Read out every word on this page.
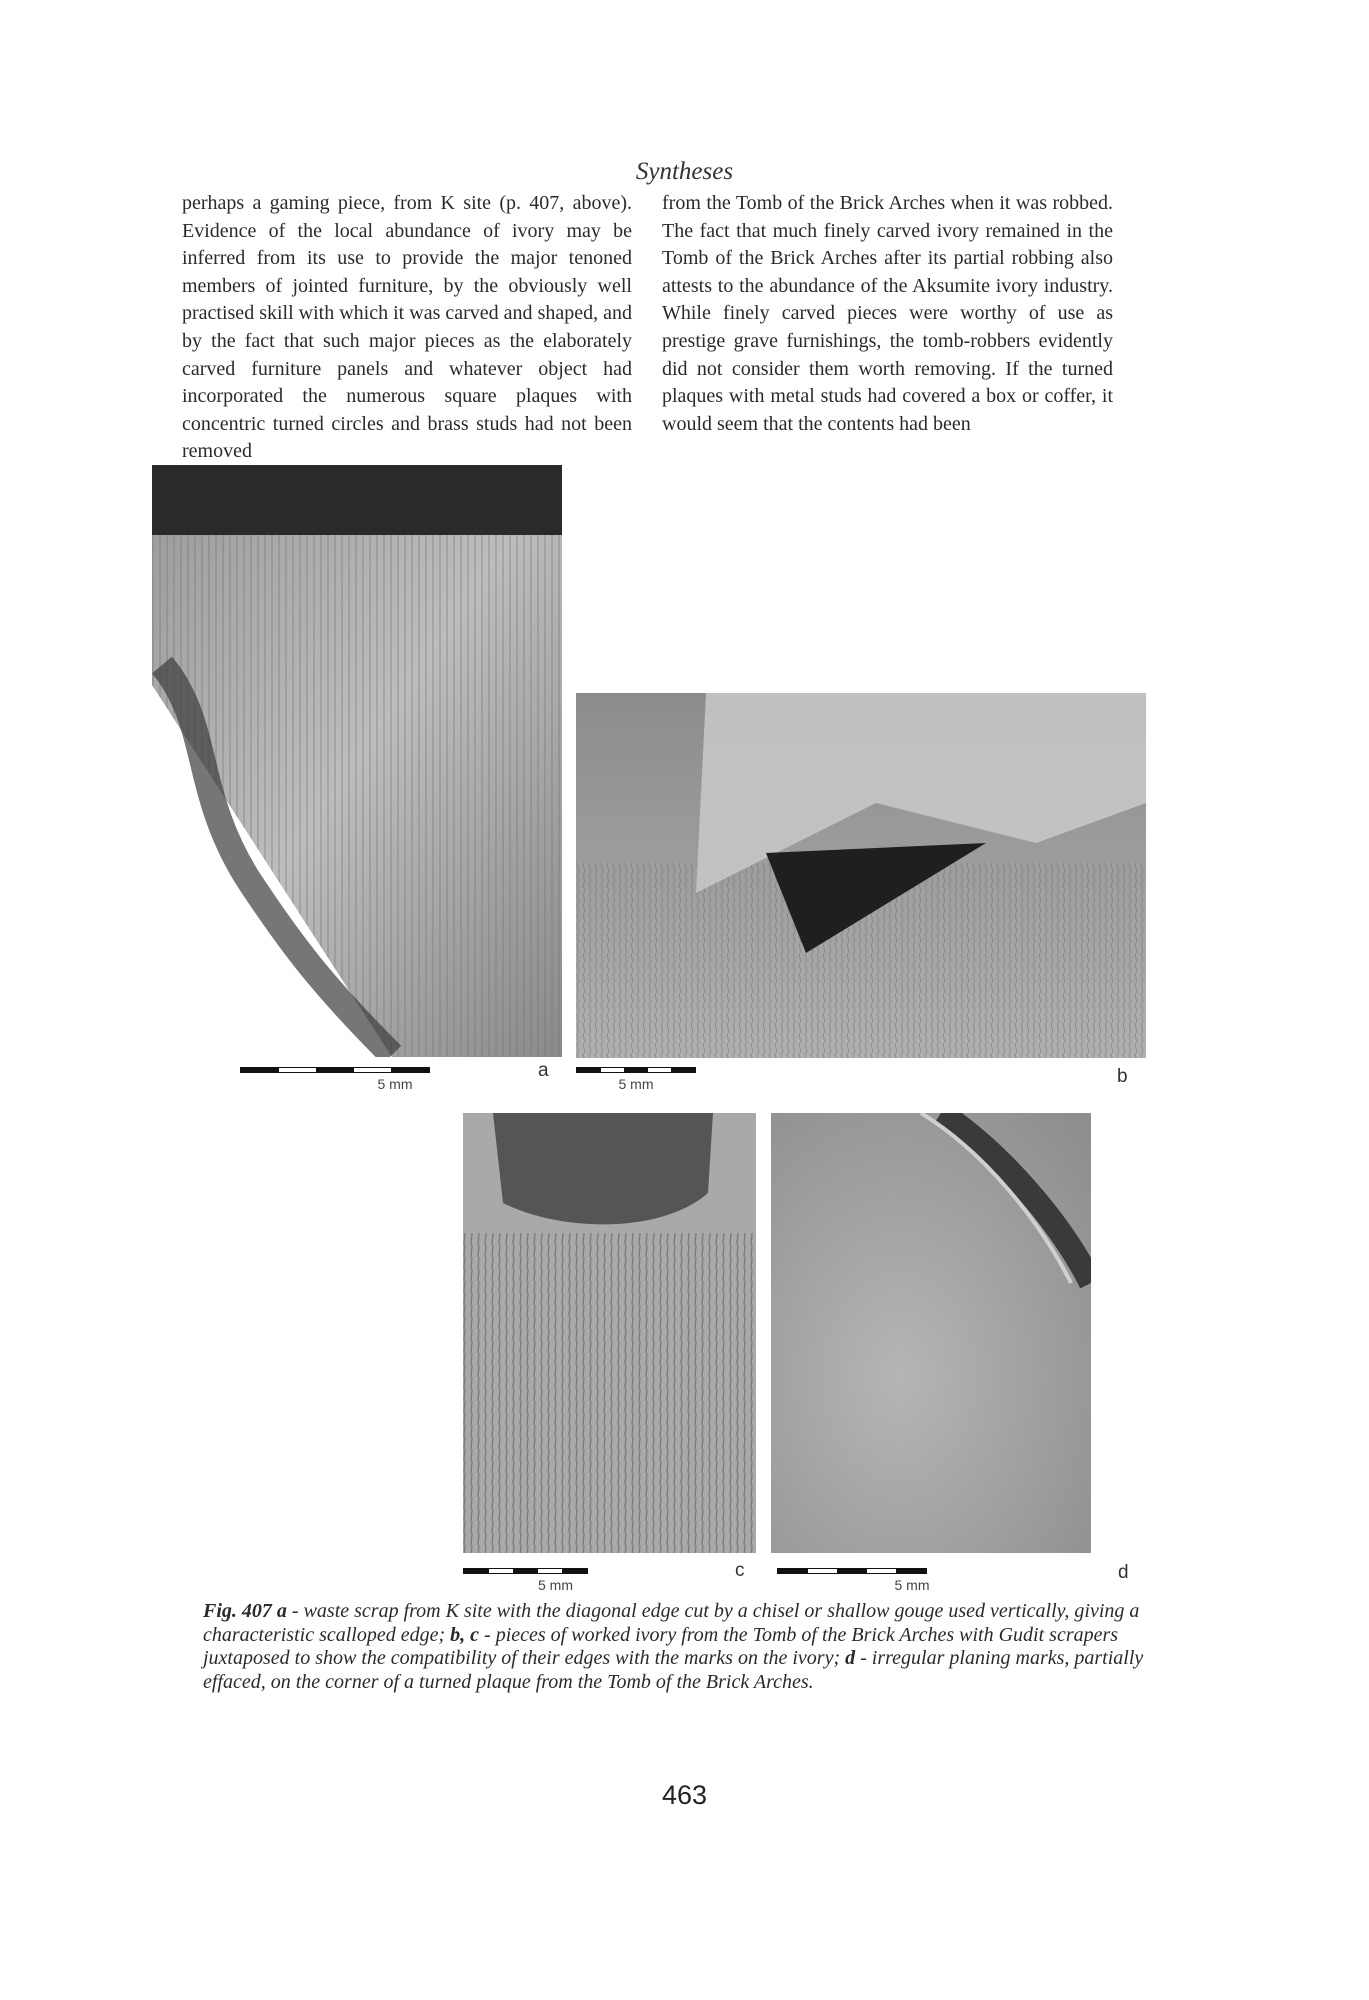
Syntheses

perhaps a gaming piece, from K site (p. 407, above). Evidence of the local abundance of ivory may be inferred from its use to provide the major tenoned members of jointed furniture, by the obviously well practised skill with which it was carved and shaped, and by the fact that such major pieces as the elaborately carved furniture panels and whatever object had incorporated the numerous square plaques with concentric turned circles and brass studs had not been removed

from the Tomb of the Brick Arches when it was robbed. The fact that much finely carved ivory remained in the Tomb of the Brick Arches after its partial robbing also attests to the abundance of the Aksumite ivory industry. While finely carved pieces were worthy of use as prestige grave furnishings, the tomb-robbers evidently did not consider them worth removing. If the turned plaques with metal studs had covered a box or coffer, it would seem that the contents had been

5 mm
a
5 mm	b
5 mm
c
5 mm
d

Fig. 407 a - waste scrap from K site with the diagonal edge cut by a chisel or shallow gouge used vertically, giving a characteristic scalloped edge; b, c - pieces of worked ivory from the Tomb of the Brick Arches with Gudit scrapers juxtaposed to show the compatibility of their edges with the marks on the ivory; d - irregular planing marks, partially effaced, on the corner of a turned plaque from the Tomb of the Brick Arches.

463
